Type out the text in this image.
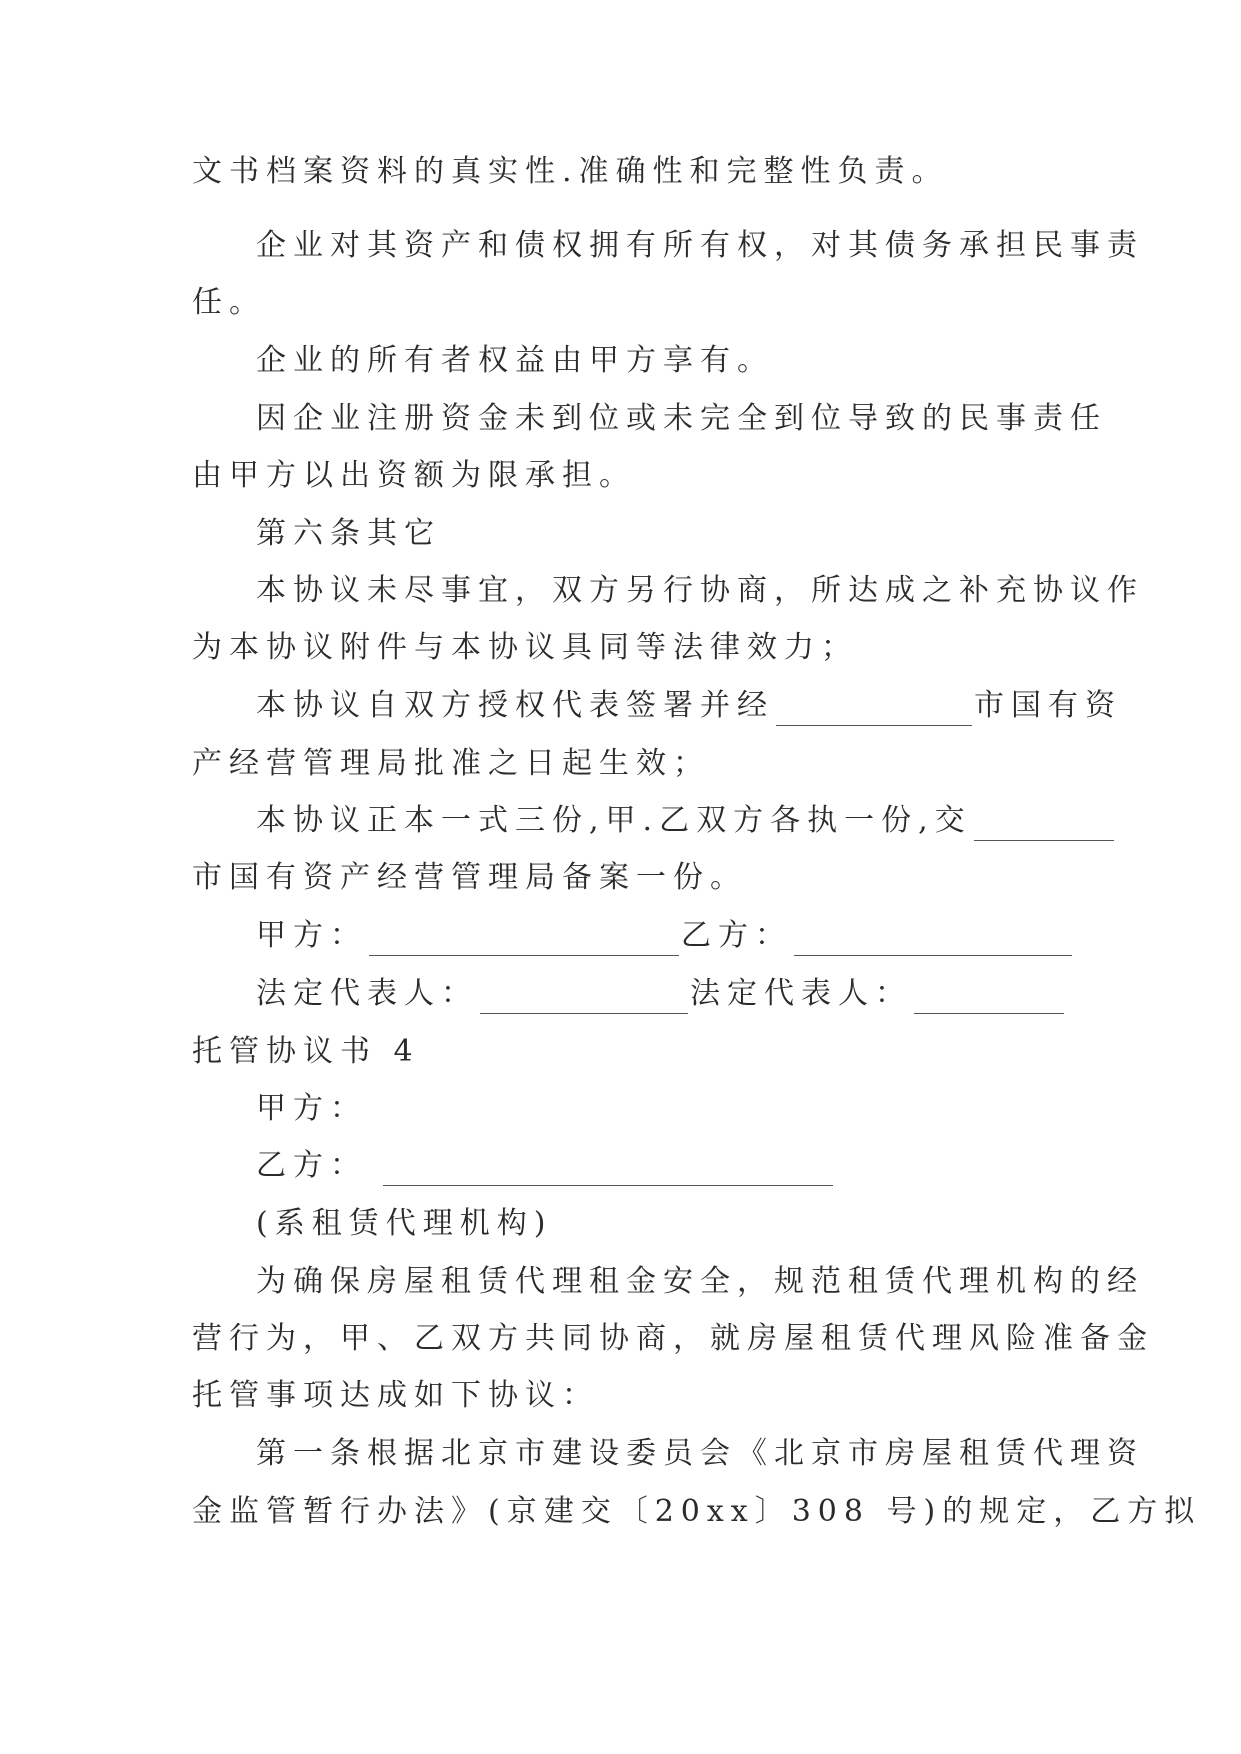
文书档案资料的真实性.准确性和完整性负责。
企业对其资产和债权拥有所有权，对其债务承担民事责
任。
企业的所有者权益由甲方享有。
因企业注册资金未到位或未完全到位导致的民事责任
由甲方以出资额为限承担。
第六条其它
本协议未尽事宜，双方另行协商，所达成之补充协议作
为本协议附件与本协议具同等法律效力；
本协议自双方授权代表签署并经	市国有资
产经营管理局批准之日起生效；
本协议正本一式三份,甲.乙双方各执一份,交
市国有资产经营管理局备案一份。
甲方：	乙方：
法定代表人：	法定代表人：
托管协议书 4
甲方：
乙方：
(系租赁代理机构)
为确保房屋租赁代理租金安全，规范租赁代理机构的经
营行为，甲、乙双方共同协商，就房屋租赁代理风险准备金
托管事项达成如下协议：
第一条根据北京市建设委员会《北京市房屋租赁代理资
金监管暂行办法》(京建交〔20xx〕308 号)的规定，乙方拟
